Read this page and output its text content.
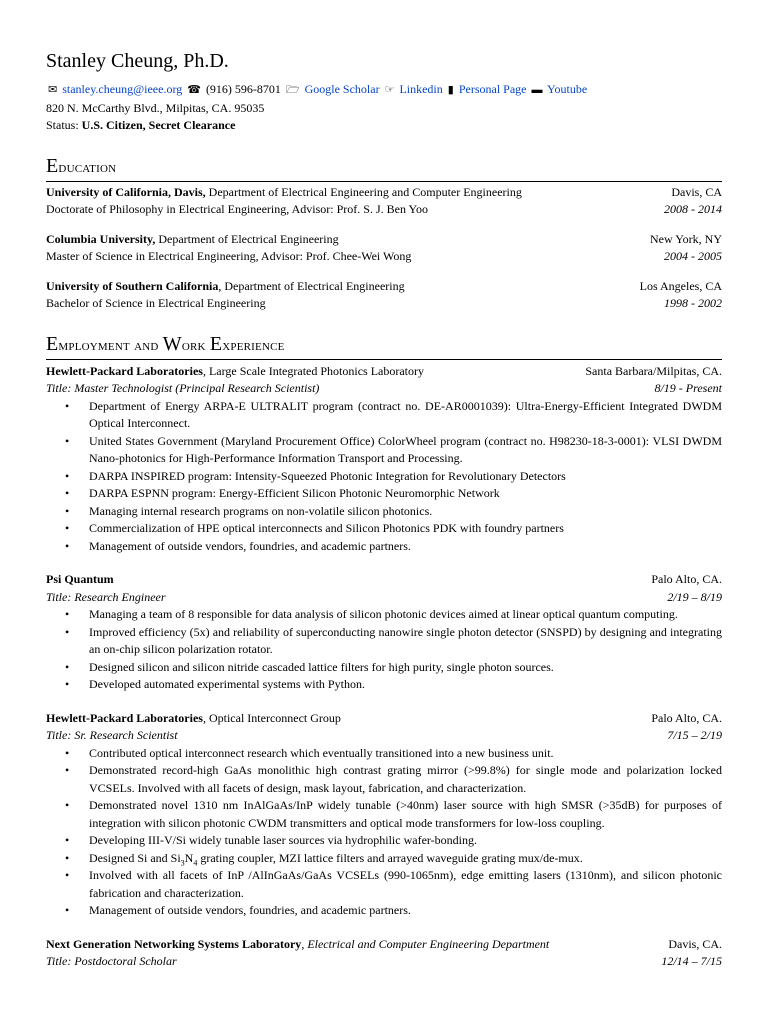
Stanley Cheung, Ph.D.
✉ stanley.cheung@ieee.org ☎ (916) 596-8701 🗁 Google Scholar ☞ Linkedin ▮ Personal Page ▬ Youtube
820 N. McCarthy Blvd., Milpitas, CA. 95035
Status: U.S. Citizen, Secret Clearance
Education
University of California, Davis, Department of Electrical Engineering and Computer Engineering	Davis, CA
Doctorate of Philosophy in Electrical Engineering, Advisor: Prof. S. J. Ben Yoo	2008 - 2014
Columbia University, Department of Electrical Engineering	New York, NY
Master of Science in Electrical Engineering, Advisor: Prof. Chee-Wei Wong	2004 - 2005
University of Southern California, Department of Electrical Engineering	Los Angeles, CA
Bachelor of Science in Electrical Engineering	1998 - 2002
Employment and Work Experience
Hewlett-Packard Laboratories, Large Scale Integrated Photonics Laboratory	Santa Barbara/Milpitas, CA.
Title: Master Technologist (Principal Research Scientist)	8/19 - Present
• Department of Energy ARPA-E ULTRALIT program (contract no. DE-AR0001039): Ultra-Energy-Efficient Integrated DWDM Optical Interconnect.
• United States Government (Maryland Procurement Office) ColorWheel program (contract no. H98230-18-3-0001): VLSI DWDM Nano-photonics for High-Performance Information Transport and Processing.
• DARPA INSPIRED program: Intensity-Squeezed Photonic Integration for Revolutionary Detectors
• DARPA ESPNN program: Energy-Efficient Silicon Photonic Neuromorphic Network
• Managing internal research programs on non-volatile silicon photonics.
• Commercialization of HPE optical interconnects and Silicon Photonics PDK with foundry partners
• Management of outside vendors, foundries, and academic partners.
Psi Quantum	Palo Alto, CA.
Title: Research Engineer	2/19 – 8/19
• Managing a team of 8 responsible for data analysis of silicon photonic devices aimed at linear optical quantum computing.
• Improved efficiency (5x) and reliability of superconducting nanowire single photon detector (SNSPD) by designing and integrating an on-chip silicon polarization rotator.
• Designed silicon and silicon nitride cascaded lattice filters for high purity, single photon sources.
• Developed automated experimental systems with Python.
Hewlett-Packard Laboratories, Optical Interconnect Group	Palo Alto, CA.
Title: Sr. Research Scientist	7/15 – 2/19
• Contributed optical interconnect research which eventually transitioned into a new business unit.
• Demonstrated record-high GaAs monolithic high contrast grating mirror (>99.8%) for single mode and polarization locked VCSELs. Involved with all facets of design, mask layout, fabrication, and characterization.
• Demonstrated novel 1310 nm InAlGaAs/InP widely tunable (>40nm) laser source with high SMSR (>35dB) for purposes of integration with silicon photonic CWDM transmitters and optical mode transformers for low-loss coupling.
• Developing III-V/Si widely tunable laser sources via hydrophilic wafer-bonding.
• Designed Si and $Si_3N_4$ grating coupler, MZI lattice filters and arrayed waveguide grating mux/de-mux.
• Involved with all facets of InP /AlInGaAs/GaAs VCSELs (990-1065nm), edge emitting lasers (1310nm), and silicon photonic fabrication and characterization.
• Management of outside vendors, foundries, and academic partners.
Next Generation Networking Systems Laboratory, Electrical and Computer Engineering Department	Davis, CA.
Title: Postdoctoral Scholar	12/14 – 7/15
